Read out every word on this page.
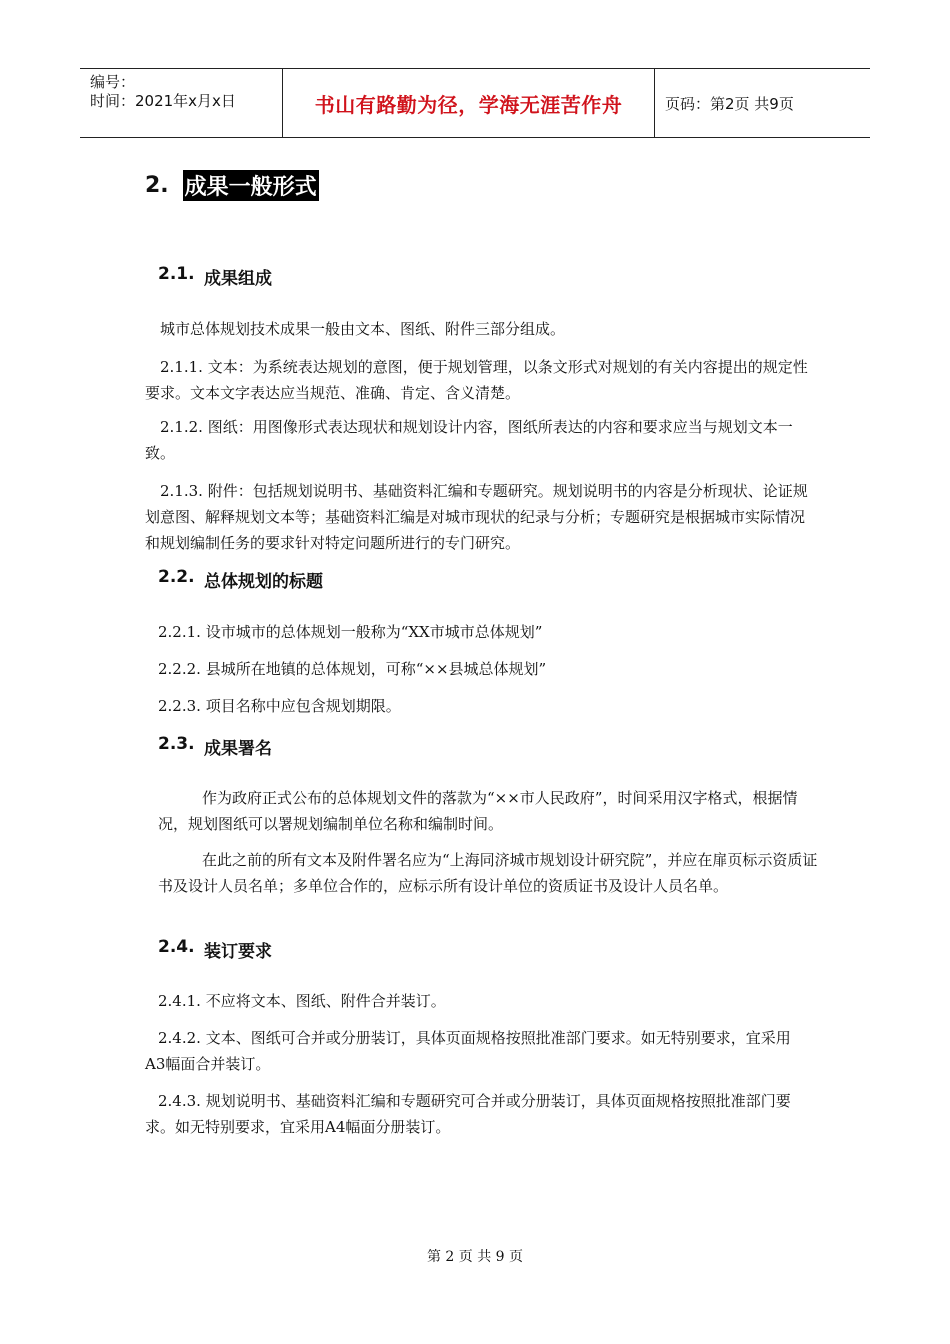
编号：
时间：2021年x月x日	书山有路勤为径，学海无涯苦作舟	页码：第2页 共9页
2. 成果一般形式
2.1. 成果组成
城市总体规划技术成果一般由文本、图纸、附件三部分组成。
2.1.1. 文本：为系统表达规划的意图，便于规划管理，以条文形式对规划的有关内容提出的规定性要求。文本文字表达应当规范、准确、肯定、含义清楚。
2.1.2. 图纸：用图像形式表达现状和规划设计内容，图纸所表达的内容和要求应当与规划文本一致。
2.1.3. 附件：包括规划说明书、基础资料汇编和专题研究。规划说明书的内容是分析现状、论证规划意图、解释规划文本等；基础资料汇编是对城市现状的纪录与分析；专题研究是根据城市实际情况和规划编制任务的要求针对特定问题所进行的专门研究。
2.2. 总体规划的标题
2.2.1. 设市城市的总体规划一般称为“XX市城市总体规划”
2.2.2. 县城所在地镇的总体规划，可称“××县城总体规划”
2.2.3. 项目名称中应包含规划期限。
2.3. 成果署名
作为政府正式公布的总体规划文件的落款为“××市人民政府”，时间采用汉字格式，根据情况，规划图纸可以署规划编制单位名称和编制时间。
在此之前的所有文本及附件署名应为“上海同济城市规划设计研究院”，并应在扉页标示资质证书及设计人员名单；多单位合作的，应标示所有设计单位的资质证书及设计人员名单。
2.4. 装订要求
2.4.1. 不应将文本、图纸、附件合并装订。
2.4.2. 文本、图纸可合并或分册装订，具体页面规格按照批准部门要求。如无特别要求，宜采用A3幅面合并装订。
2.4.3. 规划说明书、基础资料汇编和专题研究可合并或分册装订，具体页面规格按照批准部门要求。如无特别要求，宜采用A4幅面分册装订。
第 2 页 共 9 页
